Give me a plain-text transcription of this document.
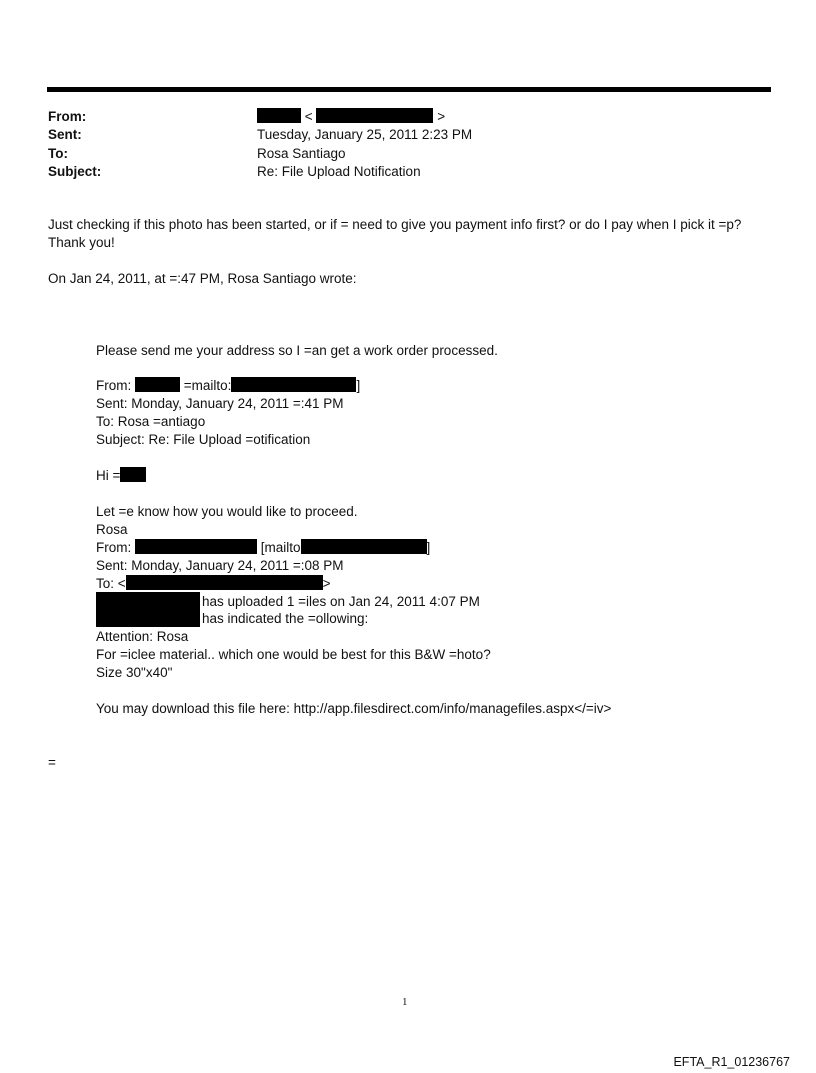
From:	<	>
Sent:	Tuesday, January 25, 2011 2:23 PM
To:	Rosa Santiago
Subject:	Re: File Upload Notification
Just checking if this photo has been started, or if = need to give you payment info first? or do I pay when I pick it =p?
Thank you!
On Jan 24, 2011, at =:47 PM, Rosa Santiago wrote:
Please send me your address so I =an get a work order processed.
From:	=mailto:	]
Sent: Monday, January 24, 2011 =:41 PM
To: Rosa =antiago
Subject: Re: File Upload =otification
Hi =
Let =e know how you would like to proceed.
Rosa
From:	[mailto	]
Sent: Monday, January 24, 2011 =:08 PM
To: <	>
has uploaded 1 =iles on Jan 24, 2011 4:07 PM
has indicated the =ollowing:
Attention: Rosa
For =iclee material.. which one would be best for this B&W =hoto?
Size 30"x40"
You may download this file here: http://app.filesdirect.com/info/managefiles.aspx</=iv>
=
1
EFTA_R1_01236767
